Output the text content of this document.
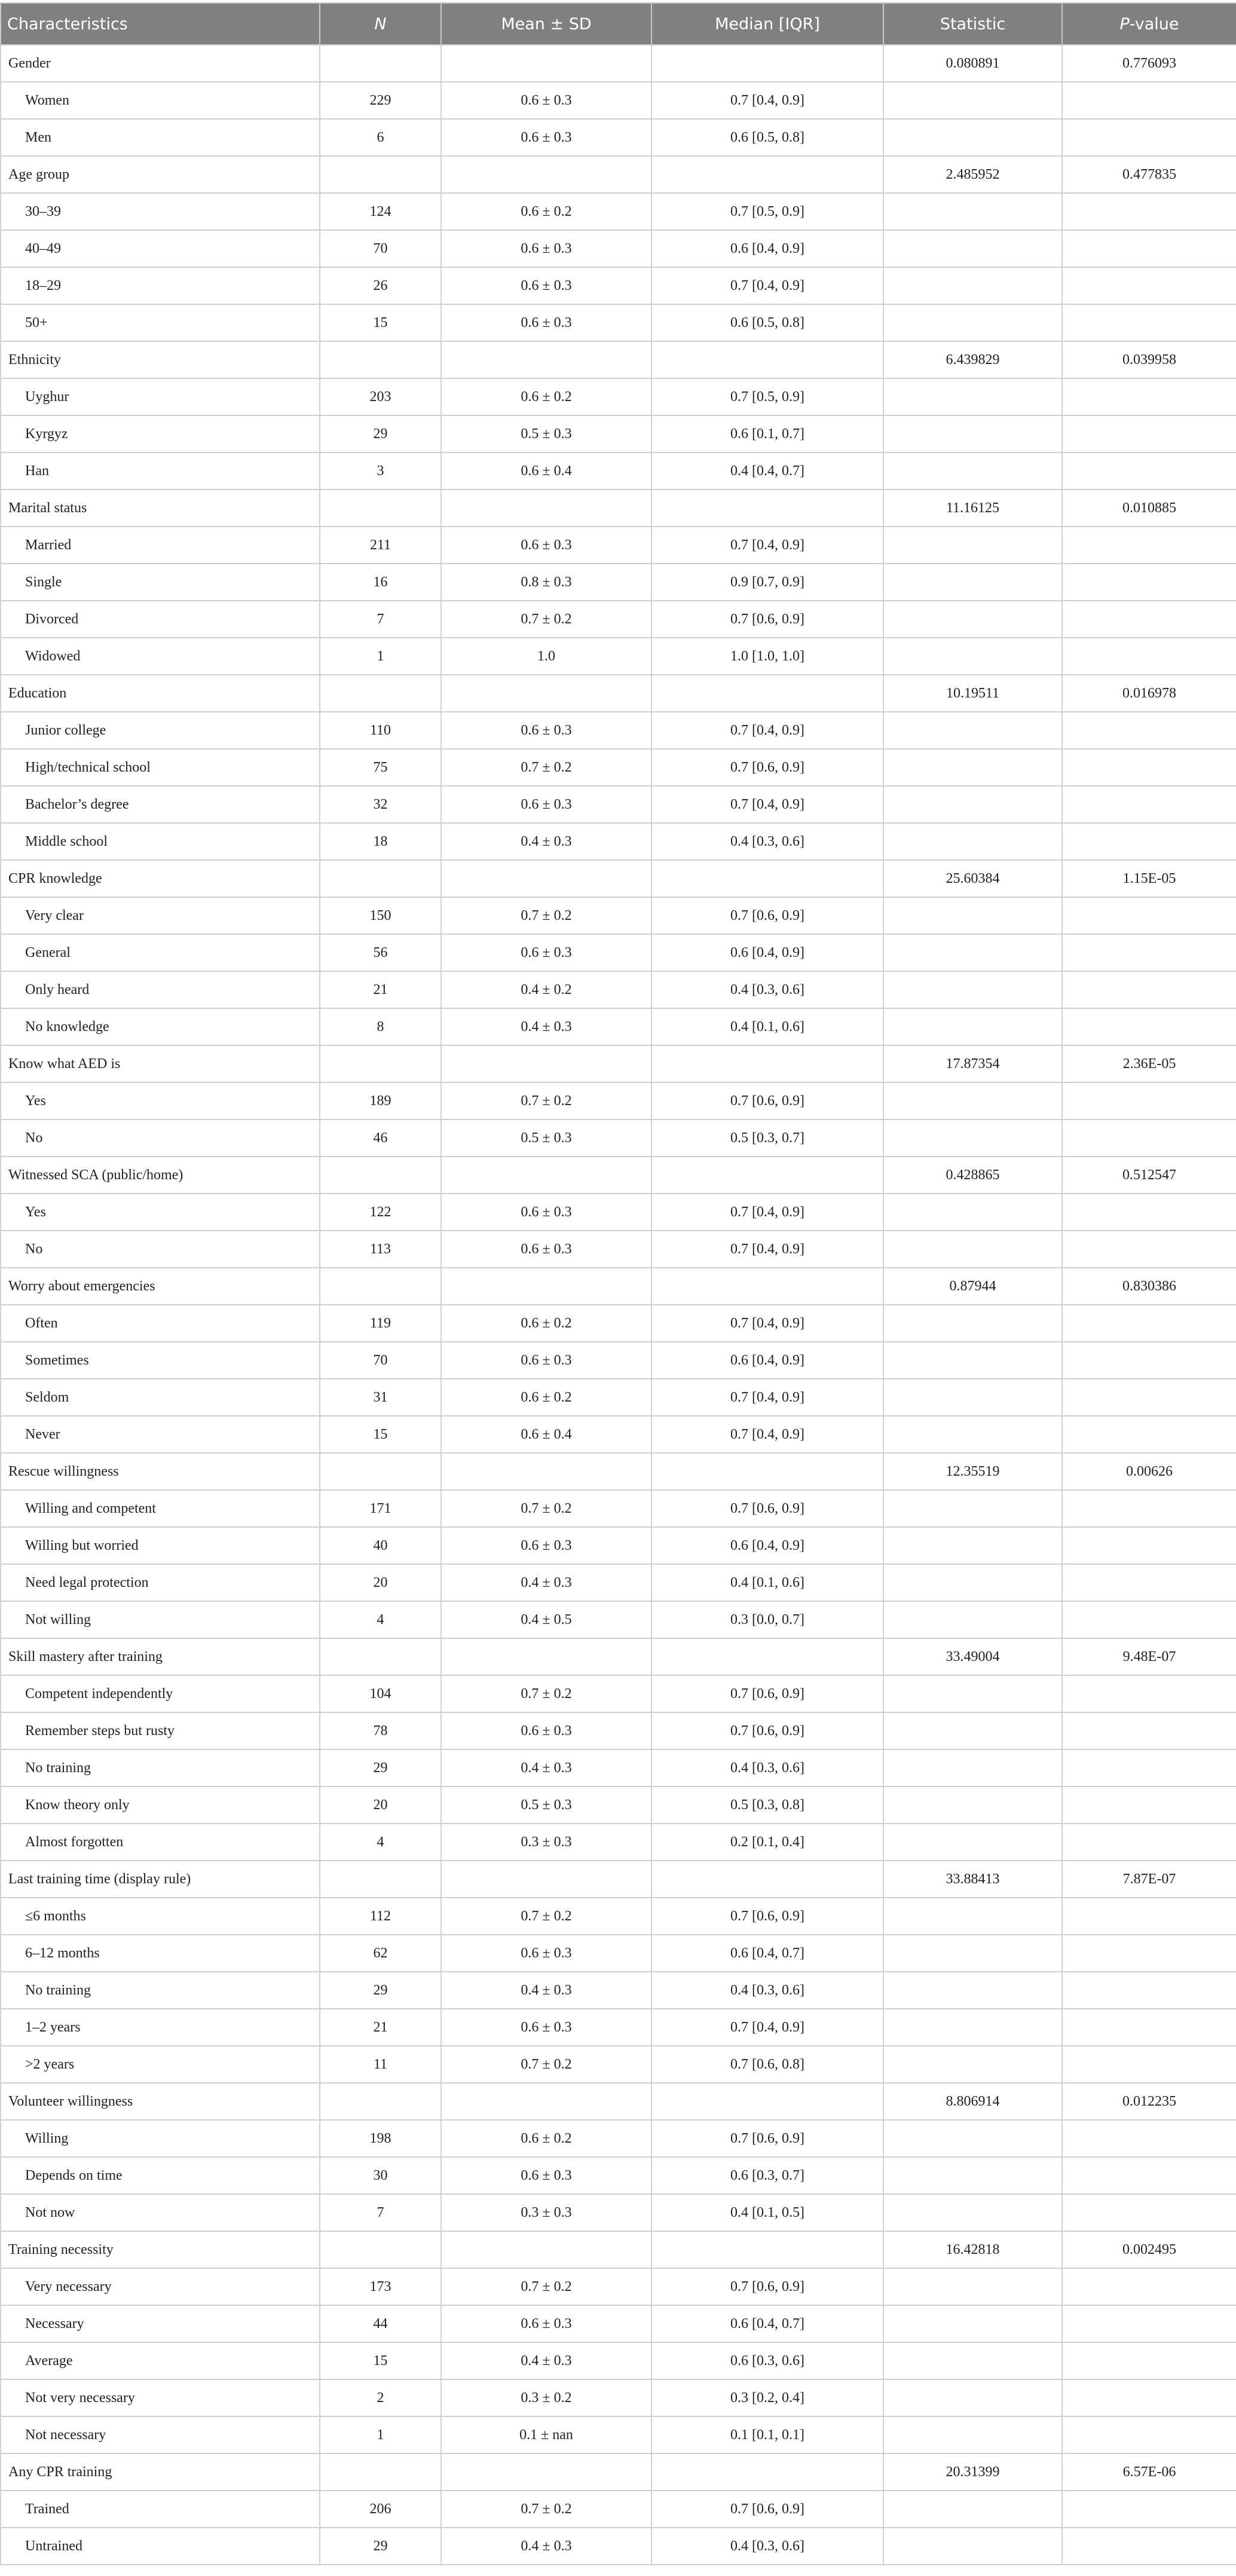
Characteristics	N	Mean ± SD	Median [IQR]	Statistic	P-value
Gender				0.080891	0.776093
Women	229	0.6 ± 0.3	0.7 [0.4, 0.9]		
Men	6	0.6 ± 0.3	0.6 [0.5, 0.8]		
Age group				2.485952	0.477835
30–39	124	0.6 ± 0.2	0.7 [0.5, 0.9]		
40–49	70	0.6 ± 0.3	0.6 [0.4, 0.9]		
18–29	26	0.6 ± 0.3	0.7 [0.4, 0.9]		
50+	15	0.6 ± 0.3	0.6 [0.5, 0.8]		
Ethnicity				6.439829	0.039958
Uyghur	203	0.6 ± 0.2	0.7 [0.5, 0.9]		
Kyrgyz	29	0.5 ± 0.3	0.6 [0.1, 0.7]		
Han	3	0.6 ± 0.4	0.4 [0.4, 0.7]		
Marital status				11.16125	0.010885
Married	211	0.6 ± 0.3	0.7 [0.4, 0.9]		
Single	16	0.8 ± 0.3	0.9 [0.7, 0.9]		
Divorced	7	0.7 ± 0.2	0.7 [0.6, 0.9]		
Widowed	1	1.0	1.0 [1.0, 1.0]		
Education				10.19511	0.016978
Junior college	110	0.6 ± 0.3	0.7 [0.4, 0.9]		
High/technical school	75	0.7 ± 0.2	0.7 [0.6, 0.9]		
Bachelor’s degree	32	0.6 ± 0.3	0.7 [0.4, 0.9]		
Middle school	18	0.4 ± 0.3	0.4 [0.3, 0.6]		
CPR knowledge				25.60384	1.15E-05
Very clear	150	0.7 ± 0.2	0.7 [0.6, 0.9]		
General	56	0.6 ± 0.3	0.6 [0.4, 0.9]		
Only heard	21	0.4 ± 0.2	0.4 [0.3, 0.6]		
No knowledge	8	0.4 ± 0.3	0.4 [0.1, 0.6]		
Know what AED is				17.87354	2.36E-05
Yes	189	0.7 ± 0.2	0.7 [0.6, 0.9]		
No	46	0.5 ± 0.3	0.5 [0.3, 0.7]		
Witnessed SCA (public/home)				0.428865	0.512547
Yes	122	0.6 ± 0.3	0.7 [0.4, 0.9]		
No	113	0.6 ± 0.3	0.7 [0.4, 0.9]		
Worry about emergencies				0.87944	0.830386
Often	119	0.6 ± 0.2	0.7 [0.4, 0.9]		
Sometimes	70	0.6 ± 0.3	0.6 [0.4, 0.9]		
Seldom	31	0.6 ± 0.2	0.7 [0.4, 0.9]		
Never	15	0.6 ± 0.4	0.7 [0.4, 0.9]		
Rescue willingness				12.35519	0.00626
Willing and competent	171	0.7 ± 0.2	0.7 [0.6, 0.9]		
Willing but worried	40	0.6 ± 0.3	0.6 [0.4, 0.9]		
Need legal protection	20	0.4 ± 0.3	0.4 [0.1, 0.6]		
Not willing	4	0.4 ± 0.5	0.3 [0.0, 0.7]		
Skill mastery after training				33.49004	9.48E-07
Competent independently	104	0.7 ± 0.2	0.7 [0.6, 0.9]		
Remember steps but rusty	78	0.6 ± 0.3	0.7 [0.6, 0.9]		
No training	29	0.4 ± 0.3	0.4 [0.3, 0.6]		
Know theory only	20	0.5 ± 0.3	0.5 [0.3, 0.8]		
Almost forgotten	4	0.3 ± 0.3	0.2 [0.1, 0.4]		
Last training time (display rule)				33.88413	7.87E-07
≤6 months	112	0.7 ± 0.2	0.7 [0.6, 0.9]		
6–12 months	62	0.6 ± 0.3	0.6 [0.4, 0.7]		
No training	29	0.4 ± 0.3	0.4 [0.3, 0.6]		
1–2 years	21	0.6 ± 0.3	0.7 [0.4, 0.9]		
>2 years	11	0.7 ± 0.2	0.7 [0.6, 0.8]		
Volunteer willingness				8.806914	0.012235
Willing	198	0.6 ± 0.2	0.7 [0.6, 0.9]		
Depends on time	30	0.6 ± 0.3	0.6 [0.3, 0.7]		
Not now	7	0.3 ± 0.3	0.4 [0.1, 0.5]		
Training necessity				16.42818	0.002495
Very necessary	173	0.7 ± 0.2	0.7 [0.6, 0.9]		
Necessary	44	0.6 ± 0.3	0.6 [0.4, 0.7]		
Average	15	0.4 ± 0.3	0.6 [0.3, 0.6]		
Not very necessary	2	0.3 ± 0.2	0.3 [0.2, 0.4]		
Not necessary	1	0.1 ± nan	0.1 [0.1, 0.1]		
Any CPR training				20.31399	6.57E-06
Trained	206	0.7 ± 0.2	0.7 [0.6, 0.9]		
Untrained	29	0.4 ± 0.3	0.4 [0.3, 0.6]		
